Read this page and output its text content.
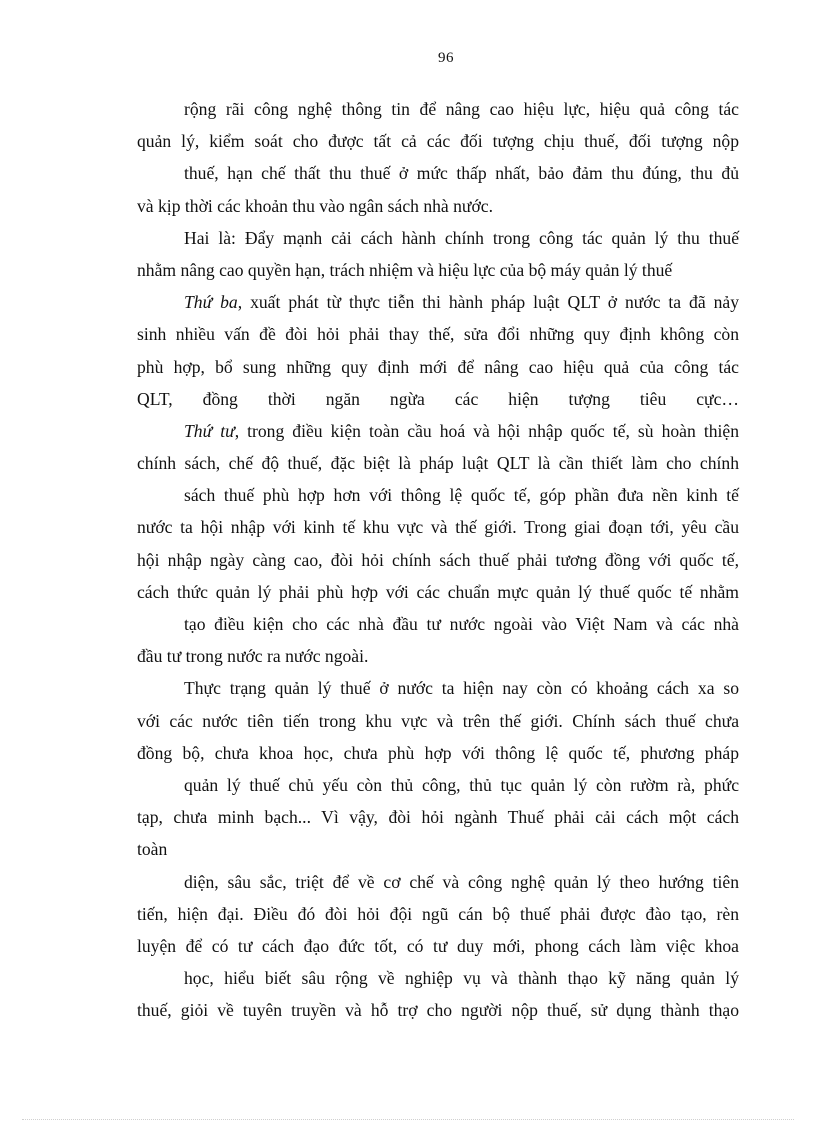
96
rộng rãi công nghệ thông tin để nâng cao hiệu lực, hiệu quả công tác
quản lý, kiểm soát cho được tất cả các đối tượng chịu thuế, đối tượng nộp
thuế, hạn chế thất thu thuế ở mức thấp nhất, bảo đảm thu đúng, thu đủ
và kịp thời các khoản thu vào ngân sách nhà nước.
Hai là: Đẩy mạnh cải cách hành chính trong công tác quản lý thu thuế
nhằm nâng cao quyền hạn, trách nhiệm và hiệu lực của bộ máy quản lý thuế
Thứ ba, xuất phát từ thực tiễn thi hành pháp luật QLT ở nước ta đã nảy
sinh nhiều vấn đề đòi hỏi phải thay thế, sửa đổi những quy định không còn
phù hợp, bổ sung những quy định mới để nâng cao hiệu quả của công tác
QLT, đồng thời ngăn ngừa các hiện tượng tiêu cực…
Thứ tư, trong điều kiện toàn cầu hoá và hội nhập quốc tế, sù hoàn thiện
chính sách, chế độ thuế, đặc biệt là pháp luật QLT là cần thiết làm cho chính
sách thuế phù hợp hơn với thông lệ quốc tế, góp phần đưa nền kinh tế
nước ta hội nhập với kinh tế khu vực và thế giới. Trong giai đoạn tới, yêu cầu
hội nhập ngày càng cao, đòi hỏi chính sách thuế phải tương đồng với quốc tế,
cách thức quản lý phải phù hợp với các chuẩn mực quản lý thuế quốc tế nhằm
tạo điều kiện cho các nhà đầu tư nước ngoài vào Việt Nam và các nhà
đầu tư trong nước ra nước ngoài.
Thực trạng quản lý thuế ở nước ta hiện nay còn có khoảng cách xa so
với các nước tiên tiến trong khu vực và trên thế giới. Chính sách thuế chưa
đồng bộ, chưa khoa học, chưa phù hợp với thông lệ quốc tế, phương pháp
quản lý thuế chủ yếu còn thủ công, thủ tục quản lý còn rườm rà, phức
tạp, chưa minh bạch... Vì vậy, đòi hỏi ngành Thuế phải cải cách một cách
toàn
diện, sâu sắc, triệt để về cơ chế và công nghệ quản lý theo hướng tiên
tiến, hiện đại. Điều đó đòi hỏi đội ngũ cán bộ thuế phải được đào tạo, rèn
luyện để có tư cách đạo đức tốt, có tư duy mới, phong cách làm việc khoa
học, hiểu biết sâu rộng về nghiệp vụ và thành thạo kỹ năng quản lý
thuế, giỏi về tuyên truyền và hỗ trợ cho người nộp thuế, sử dụng thành thạo
